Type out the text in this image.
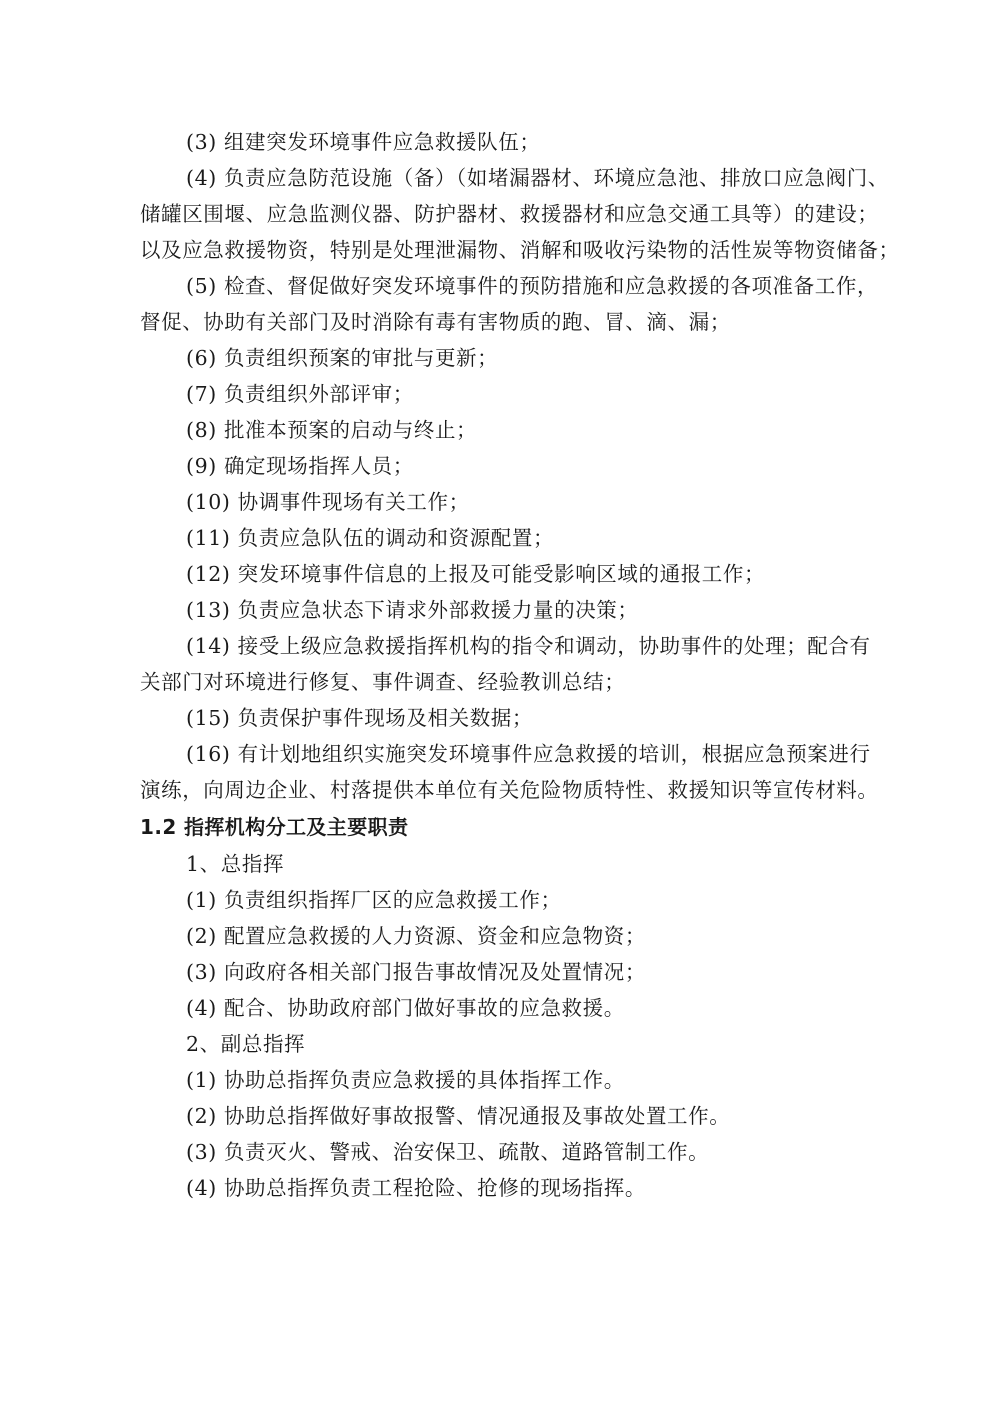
(3) 组建突发环境事件应急救援队伍；
(4) 负责应急防范设施（备）（如堵漏器材、环境应急池、排放口应急阀门、
储罐区围堰、应急监测仪器、防护器材、救援器材和应急交通工具等）的建设；
以及应急救援物资，特别是处理泄漏物、消解和吸收污染物的活性炭等物资储备；
(5) 检查、督促做好突发环境事件的预防措施和应急救援的各项准备工作，
督促、协助有关部门及时消除有毒有害物质的跑、冒、滴、漏；
(6) 负责组织预案的审批与更新；
(7) 负责组织外部评审；
(8) 批准本预案的启动与终止；
(9) 确定现场指挥人员；
(10) 协调事件现场有关工作；
(11) 负责应急队伍的调动和资源配置；
(12) 突发环境事件信息的上报及可能受影响区域的通报工作；
(13) 负责应急状态下请求外部救援力量的决策；
(14) 接受上级应急救援指挥机构的指令和调动，协助事件的处理；配合有
关部门对环境进行修复、事件调查、经验教训总结；
(15) 负责保护事件现场及相关数据；
(16) 有计划地组织实施突发环境事件应急救援的培训，根据应急预案进行
演练，向周边企业、村落提供本单位有关危险物质特性、救援知识等宣传材料。
1.2 指挥机构分工及主要职责
1、总指挥
(1) 负责组织指挥厂区的应急救援工作；
(2) 配置应急救援的人力资源、资金和应急物资；
(3) 向政府各相关部门报告事故情况及处置情况；
(4) 配合、协助政府部门做好事故的应急救援。
2、副总指挥
(1) 协助总指挥负责应急救援的具体指挥工作。
(2) 协助总指挥做好事故报警、情况通报及事故处置工作。
(3) 负责灭火、警戒、治安保卫、疏散、道路管制工作。
(4) 协助总指挥负责工程抢险、抢修的现场指挥。
